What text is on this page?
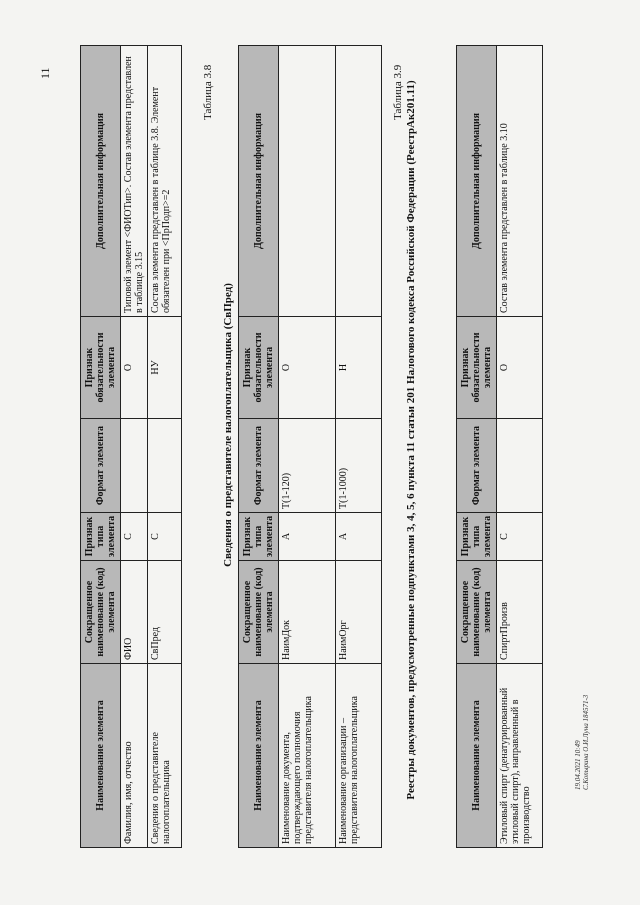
11
Наименование элемента	Сокращенное наименование (код) элемента	Признак типа элемента	Формат элемента	Признак обязательности элемента	Дополнительная информация
Фамилия, имя, отчество	ФИО	С		О	Типовой элемент <ФИОТип>. Состав элемента представлен в таблице 3.15
Сведения о представителе налогоплательщика	СвПред	С		НУ	Состав элемента представлен в таблице 3.8. Элемент обязателен при <ПрПодп>=2
Таблица 3.8
Сведения о представителе налогоплательщика (СвПред)
Наименование элемента	Сокращенное наименование (код) элемента	Признак типа элемента	Формат элемента	Признак обязательности элемента	Дополнительная информация
Наименование документа, подтверждающего полномочия представителя налогоплательщика	НаимДок	А	Т(1-120)	О	
Наименование организации – представителя налогоплательщика	НаимОрг	А	Т(1-1000)	Н	
Таблица 3.9 Реестры документов, предусмотренные подпунктами 3, 4, 5, 6 пункта 11 статьи 201 Налогового кодекса Российской Федерации (РеестрАк201.11)	Наименование элемента	Сокращенное наименование (код) элемента	Признак типа элемента	Формат элемента	Признак обязательности элемента	Дополнительная информация
Этиловый спирт (денатурированный этиловый спирт), направленный в производство	СпиртПроизв	С		О	Состав элемента представлен в таблице 3.10
19.04.2021 10:49 С.Копырина О.И.Луна 184571-3
